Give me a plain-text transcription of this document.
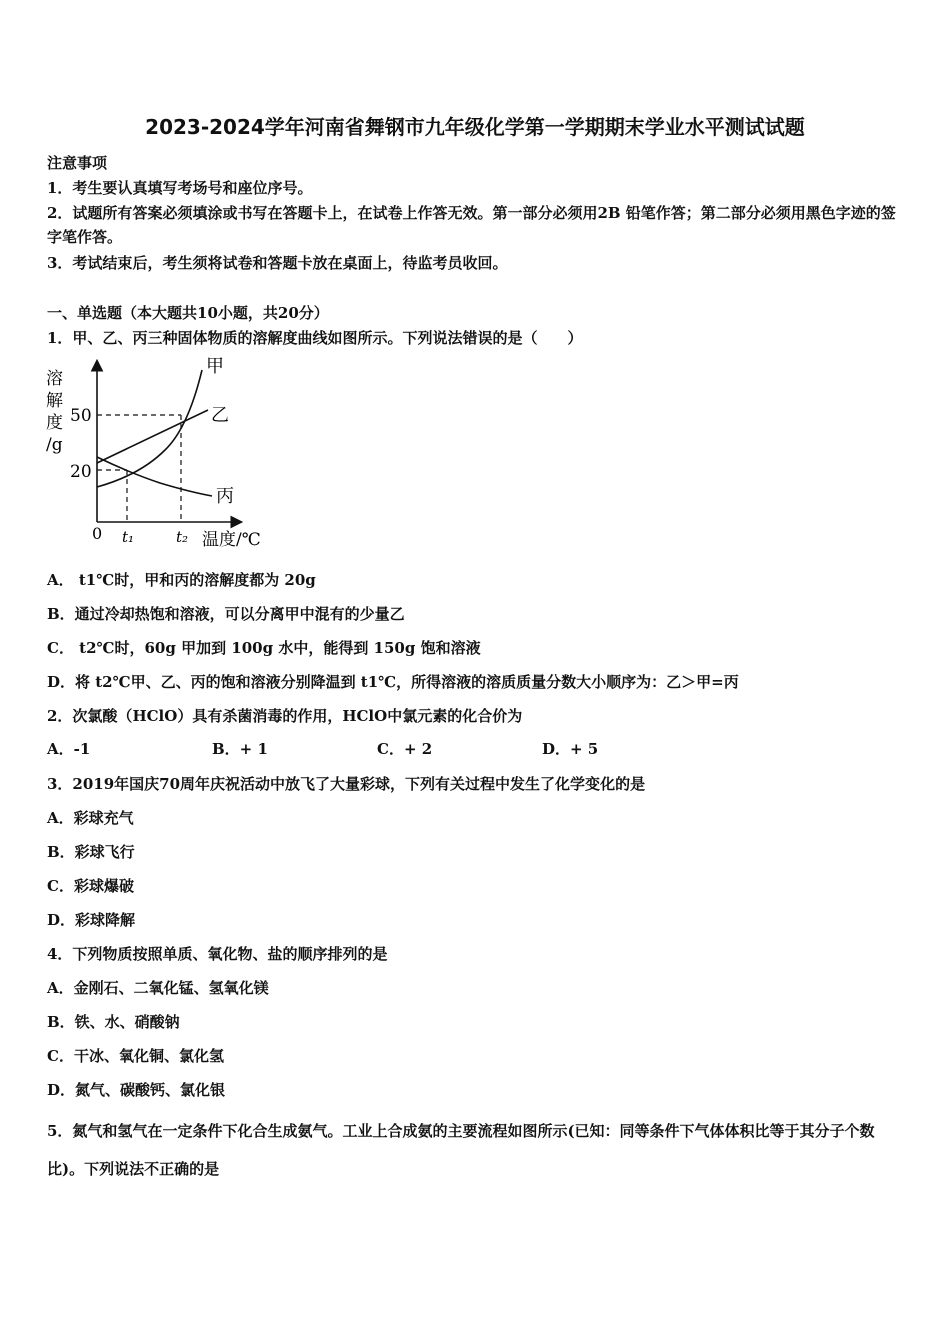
2023-2024学年河南省舞钢市九年级化学第一学期期末学业水平测试试题
注意事项
1．考生要认真填写考场号和座位序号。
2．试题所有答案必须填涂或书写在答题卡上，在试卷上作答无效。第一部分必须用2B 铅笔作答；第二部分必须用黑色字迹的签字笔作答。
3．考试结束后，考生须将试卷和答题卡放在桌面上，待监考员收回。
一、单选题（本大题共10小题，共20分）
1．甲、乙、丙三种固体物质的溶解度曲线如图所示。下列说法错误的是（　　）
溶
解
度
/g
50
20
0 t₁	t₂ 温度/℃
甲
乙
丙
A． t1℃时，甲和丙的溶解度都为 20g
B．通过冷却热饱和溶液，可以分离甲中混有的少量乙
C． t2℃时，60g 甲加到 100g 水中，能得到 150g 饱和溶液
D．将 t2℃甲、乙、丙的饱和溶液分别降温到 t1℃，所得溶液的溶质质量分数大小顺序为：乙＞甲=丙
2．次氯酸（HClO）具有杀菌消毒的作用，HClO中氯元素的化合价为
A．-1	B．+ 1	C．+ 2	D．+ 5
3．2019年国庆70周年庆祝活动中放飞了大量彩球，下列有关过程中发生了化学变化的是
A．彩球充气
B．彩球飞行
C．彩球爆破
D．彩球降解
4．下列物质按照单质、氧化物、盐的顺序排列的是
A．金刚石、二氧化锰、氢氧化镁
B．铁、水、硝酸钠
C．干冰、氧化铜、氯化氢
D．氮气、碳酸钙、氯化银
5．氮气和氢气在一定条件下化合生成氨气。工业上合成氨的主要流程如图所示(已知：同等条件下气体体积比等于其分子个数比)。下列说法不正确的是
